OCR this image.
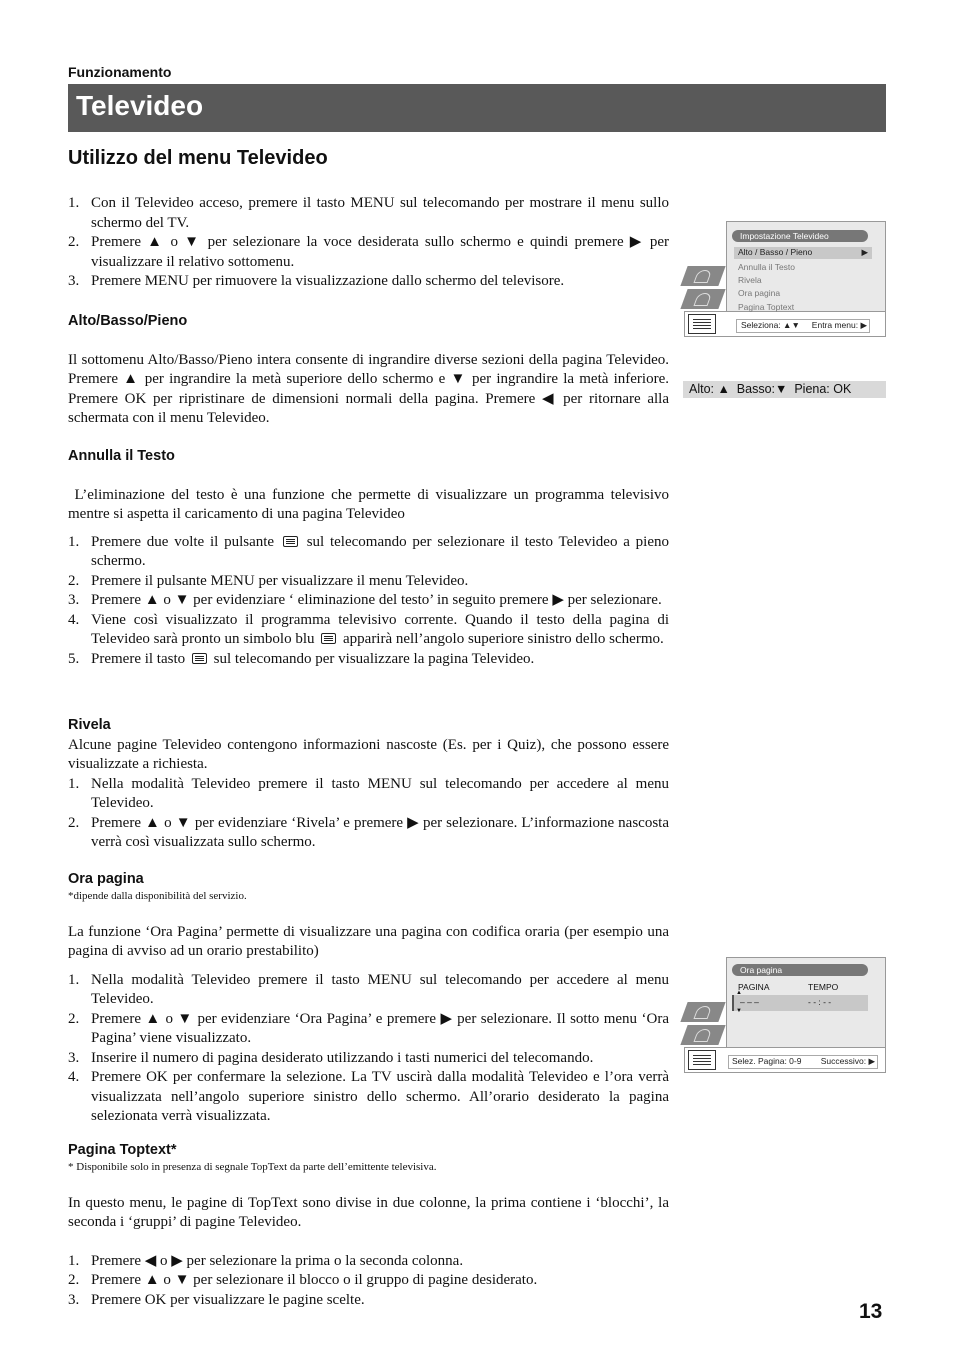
Funzionamento
Televideo
Utilizzo del menu Televideo
1. Con il Televideo acceso, premere il tasto MENU sul telecomando per mostrare il menu sullo schermo del TV.
2. Premere ▲ o ▼ per selezionare la voce desiderata sullo schermo e quindi premere ▶ per visualizzare il relativo sottomenu.
3. Premere MENU per rimuovere la visualizzazione dallo schermo del televisore.
Alto/Basso/Pieno

Il sottomenu Alto/Basso/Pieno intera consente di ingrandire diverse sezioni della pagina Televideo. Premere ▲ per ingrandire la metà superiore dello schermo e ▼ per ingrandire la metà inferiore. Premere OK per ripristinare de dimensioni normali della pagina. Premere ◀ per ritornare alla schermata con il menu Televideo.

Annulla il Testo

L’eliminazione del testo è una funzione che permette di visualizzare un programma televisivo mentre si aspetta il caricamento di una pagina Televideo

1. Premere due volte il pulsante sul telecomando per selezionare il testo Televideo a pieno schermo.
2. Premere il pulsante MENU per visualizzare il menu Televideo.
3. Premere ▲ o ▼ per evidenziare ‘ eliminazione del testo’ in seguito premere ▶ per selezionare.
4. Viene così visualizzato il programma televisivo corrente. Quando il testo della pagina di Televideo sarà pronto un simbolo blu apparirà nell’angolo superiore sinistro dello schermo.
5. Premere il tasto sul telecomando per visualizzare la pagina Televideo.
Rivela

Alcune pagine Televideo contengono informazioni nascoste (Es. per i Quiz), che possono essere visualizzate a richiesta.

1. Nella modalità Televideo premere il tasto MENU sul telecomando per accedere al menu Televideo.
2. Premere ▲ o ▼ per evidenziare ‘Rivela’ e premere ▶ per selezionare. L’informazione nascosta verrà così visualizzata sullo schermo.
Ora pagina
*dipende dalla disponibilità del servizio.

La funzione ‘Ora Pagina’ permette di visualizzare una pagina con codifica oraria (per esempio una pagina di avviso ad un orario prestabilito)

1. Nella modalità Televideo premere il tasto MENU sul telecomando per accedere al menu Televideo.
2. Premere ▲ o ▼ per evidenziare ‘Ora Pagina’ e premere ▶ per selezionare. Il sotto menu ‘Ora Pagina’ viene visualizzato.
3. Inserire il numero di pagina desiderato utilizzando i tasti numerici del telecomando.
4. Premere OK per confermare la selezione. La TV uscirà dalla modalità Televideo e l’ora verrà visualizzata nell’angolo superiore sinistro dello schermo. All’orario desiderato la pagina selezionata verrà visualizzata.
Pagina Toptext*
* Disponibile solo in presenza di segnale TopText da parte dell’emittente televisiva.

In questo menu, le pagine di TopText sono divise in due colonne, la prima contiene i ‘blocchi’, la seconda i ‘gruppi’ di pagine Televideo.

1. Premere ◀ o ▶ per selezionare la prima o la seconda colonna.
2. Premere ▲ o ▼ per selezionare il blocco o il gruppo di pagine desiderato.
3. Premere OK per visualizzare le pagine scelte.
Impostazione Televideo
Alto / Basso / Pieno	▶
Annulla il Testo
Rivela
Ora pagina
Pagina Toptext
Seleziona: ▲▼ Entra menu: ▶
Alto: ▲  Basso:▼  Piena: OK
Ora pagina
PAGINA	TEMPO
▲
▼
– – –	- - : - -
Selez. Pagina: 0-9 Successivo: ▶
13
